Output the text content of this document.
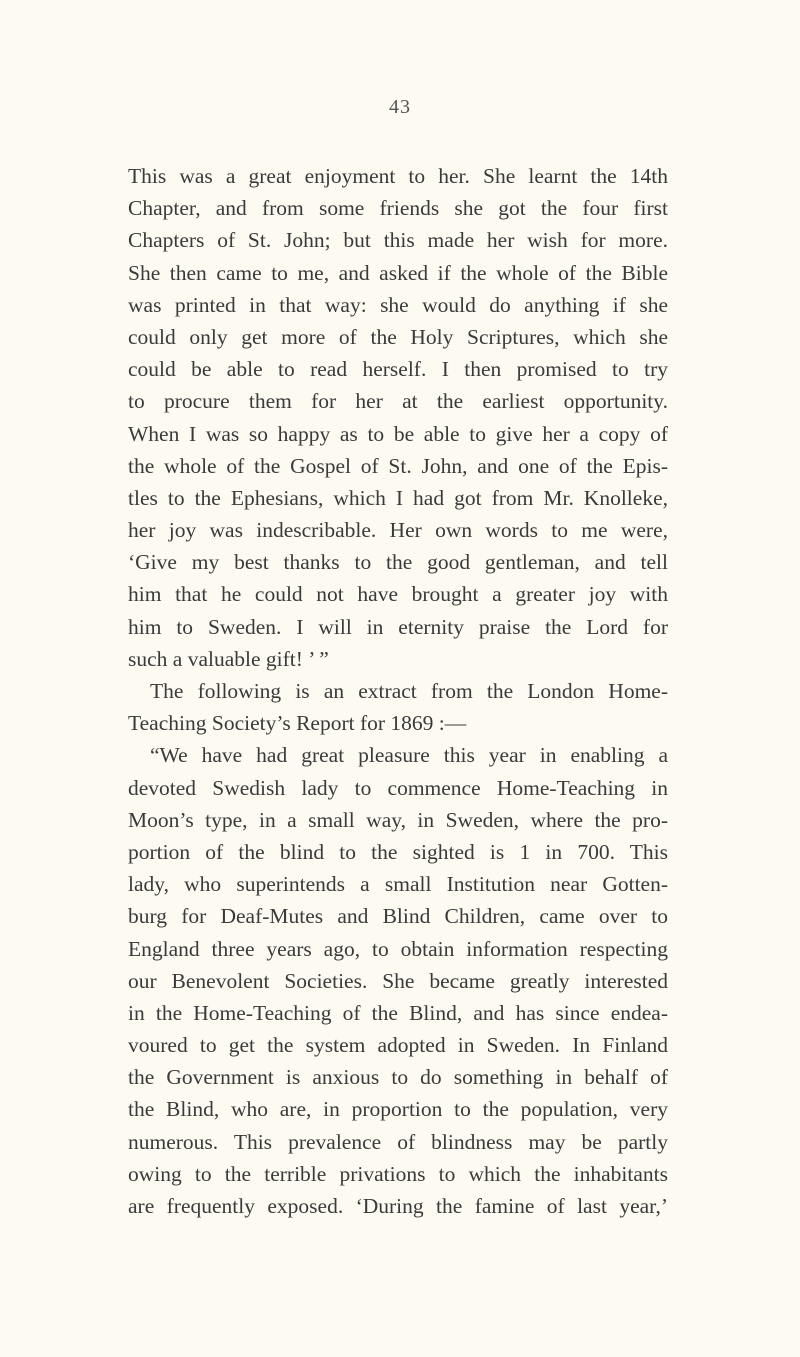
43
This was a great enjoyment to her. She learnt the 14th
Chapter, and from some friends she got the four first
Chapters of St. John; but this made her wish for more.
She then came to me, and asked if the whole of the Bible
was printed in that way: she would do anything if she
could only get more of the Holy Scriptures, which she
could be able to read herself. I then promised to try
to procure them for her at the earliest opportunity.
When I was so happy as to be able to give her a copy of
the whole of the Gospel of St. John, and one of the Epis-
tles to the Ephesians, which I had got from Mr. Knolleke,
her joy was indescribable. Her own words to me were,
‘Give my best thanks to the good gentleman, and tell
him that he could not have brought a greater joy with
him to Sweden. I will in eternity praise the Lord for
such a valuable gift! ’ ”
The following is an extract from the London Home-
Teaching Society’s Report for 1869 :—
“We have had great pleasure this year in enabling a
devoted Swedish lady to commence Home-Teaching in
Moon’s type, in a small way, in Sweden, where the pro-
portion of the blind to the sighted is 1 in 700. This
lady, who superintends a small Institution near Gotten-
burg for Deaf-Mutes and Blind Children, came over to
England three years ago, to obtain information respecting
our Benevolent Societies. She became greatly interested
in the Home-Teaching of the Blind, and has since endea-
voured to get the system adopted in Sweden. In Finland
the Government is anxious to do something in behalf of
the Blind, who are, in proportion to the population, very
numerous. This prevalence of blindness may be partly
owing to the terrible privations to which the inhabitants
are frequently exposed. ‘During the famine of last year,’
